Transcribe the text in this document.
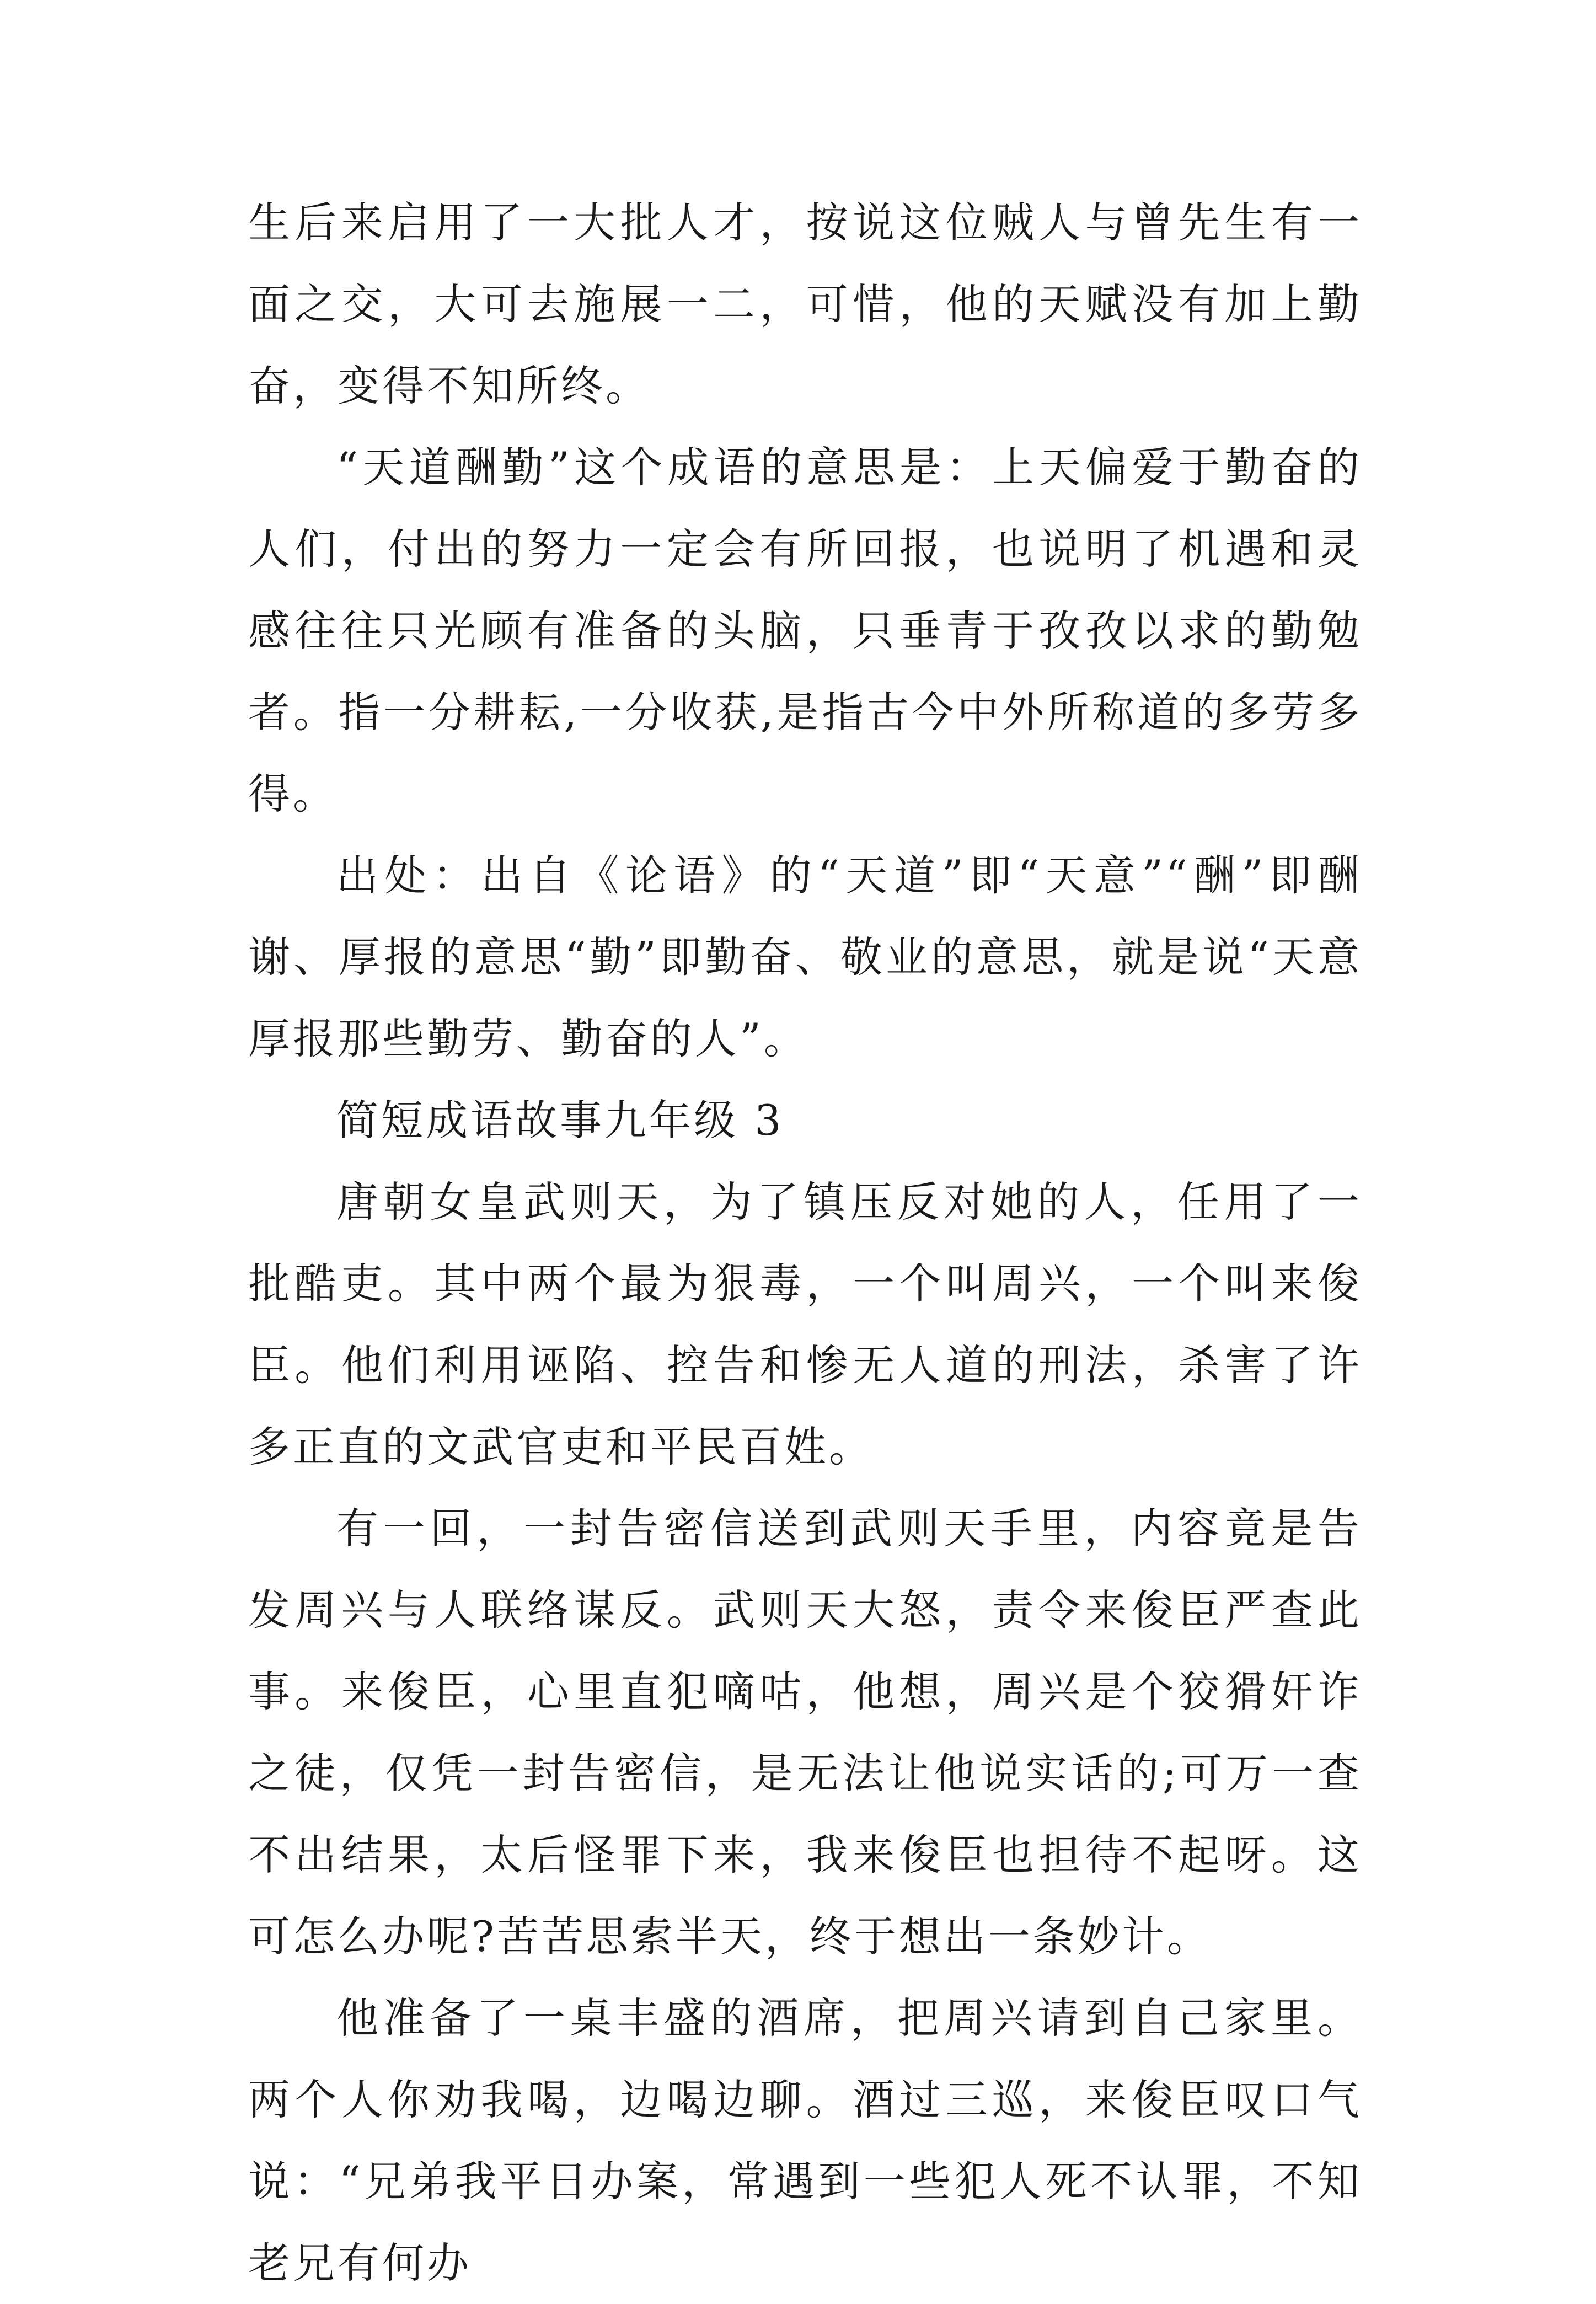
生后来启用了一大批人才，按说这位贼人与曾先生有一面之交，大可去施展一二，可惜，他的天赋没有加上勤奋，变得不知所终。

“天道酬勤”这个成语的意思是：上天偏爱于勤奋的人们，付出的努力一定会有所回报，也说明了机遇和灵感往往只光顾有准备的头脑，只垂青于孜孜以求的勤勉者。指一分耕耘,一分收获,是指古今中外所称道的多劳多得。

出处：出自《论语》的“天道”即“天意”“酬”即酬谢、厚报的意思“勤”即勤奋、敬业的意思，就是说“天意厚报那些勤劳、勤奋的人”。

简短成语故事九年级 3

唐朝女皇武则天，为了镇压反对她的人，任用了一批酷吏。其中两个最为狠毒，一个叫周兴，一个叫来俊臣。他们利用诬陷、控告和惨无人道的刑法，杀害了许多正直的文武官吏和平民百姓。

有一回，一封告密信送到武则天手里，内容竟是告发周兴与人联络谋反。武则天大怒，责令来俊臣严查此事。来俊臣，心里直犯嘀咕，他想，周兴是个狡猾奸诈之徒，仅凭一封告密信，是无法让他说实话的;可万一查不出结果，太后怪罪下来，我来俊臣也担待不起呀。这可怎么办呢?苦苦思索半天，终于想出一条妙计。

他准备了一桌丰盛的酒席，把周兴请到自己家里。两个人你劝我喝，边喝边聊。酒过三巡，来俊臣叹口气说：“兄弟我平日办案，常遇到一些犯人死不认罪，不知老兄有何办
